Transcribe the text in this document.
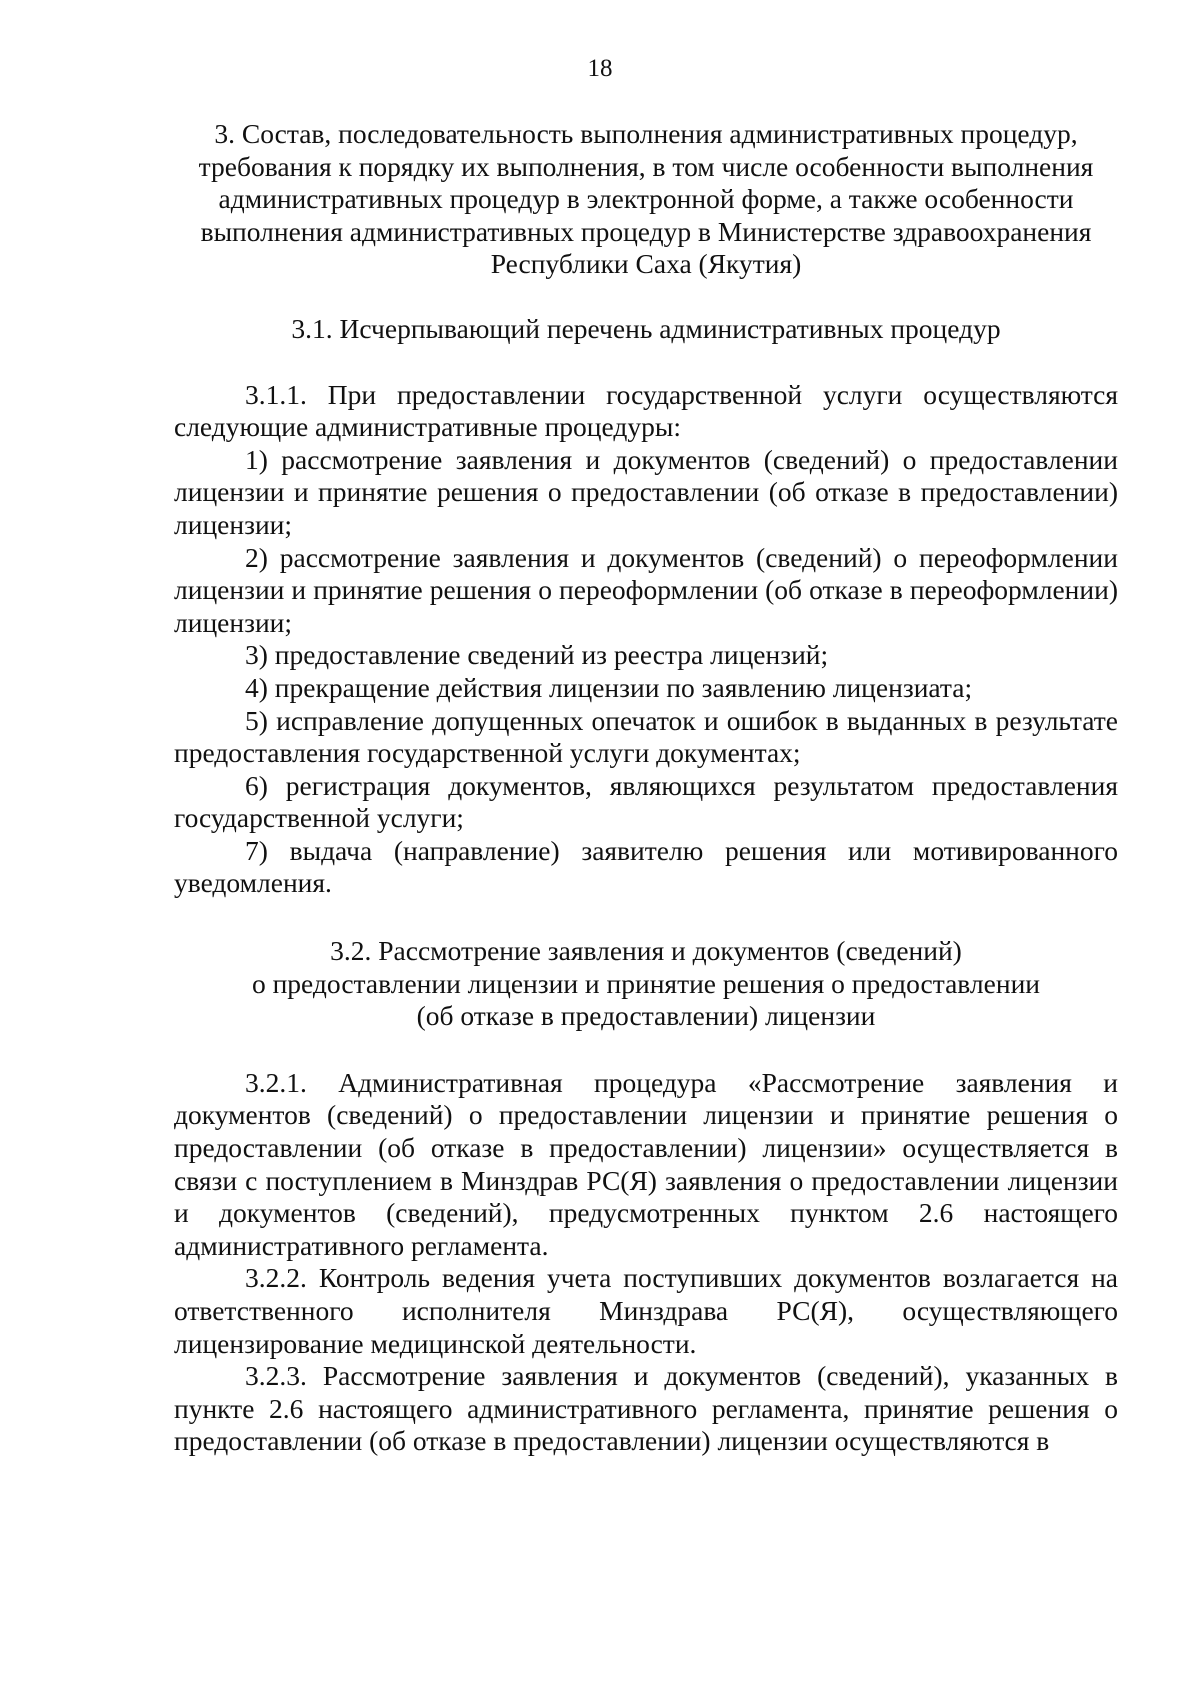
18
3. Состав, последовательность выполнения административных процедур, требования к порядку их выполнения, в том числе особенности выполнения административных процедур в электронной форме, а также особенности выполнения административных процедур в Министерстве здравоохранения Республики Саха (Якутия)
3.1. Исчерпывающий перечень административных процедур

3.1.1. При предоставлении государственной услуги осуществляются следующие административные процедуры:

1) рассмотрение заявления и документов (сведений) о предоставлении лицензии и принятие решения о предоставлении (об отказе в предоставлении) лицензии;
2) рассмотрение заявления и документов (сведений) о переоформлении лицензии и принятие решения о переоформлении (об отказе в переоформлении) лицензии;
3) предоставление сведений из реестра лицензий;
4) прекращение действия лицензии по заявлению лицензиата;
5) исправление допущенных опечаток и ошибок в выданных в результате предоставления государственной услуги документах;
6) регистрация документов, являющихся результатом предоставления государственной услуги;
7) выдача (направление) заявителю решения или мотивированного уведомления.
3.2. Рассмотрение заявления и документов (сведений)
о предоставлении лицензии и принятие решения о предоставлении
(об отказе в предоставлении) лицензии

3.2.1. Административная процедура «Рассмотрение заявления и документов (сведений) о предоставлении лицензии и принятие решения о предоставлении (об отказе в предоставлении) лицензии» осуществляется в связи с поступлением в Минздрав РС(Я) заявления о предоставлении лицензии и документов (сведений), предусмотренных пунктом 2.6 настоящего административного регламента.

3.2.2. Контроль ведения учета поступивших документов возлагается на ответственного исполнителя Минздрава РС(Я), осуществляющего лицензирование медицинской деятельности.

3.2.3. Рассмотрение заявления и документов (сведений), указанных в пункте 2.6 настоящего административного регламента, принятие решения о предоставлении (об отказе в предоставлении) лицензии осуществляются в
